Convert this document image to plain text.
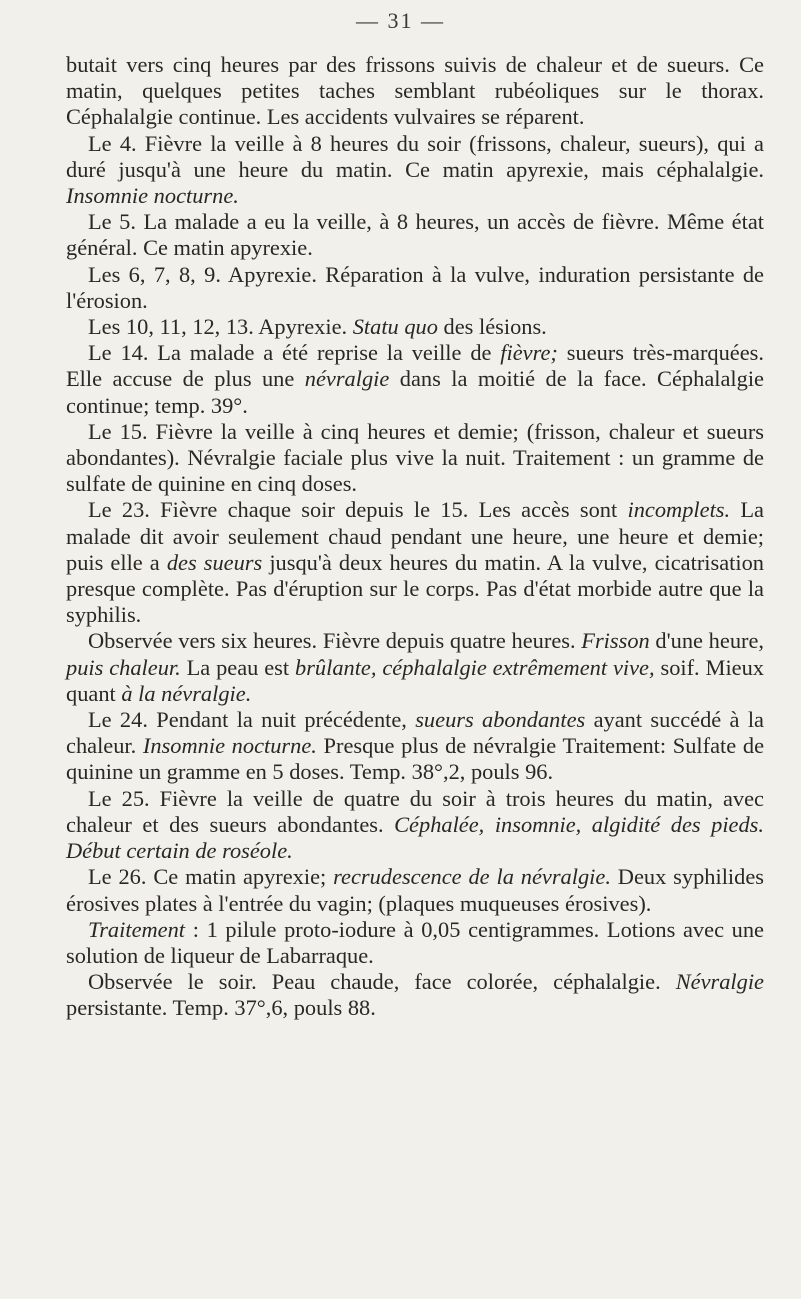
— 31 —

butait vers cinq heures par des frissons suivis de chaleur et de sueurs. Ce matin, quelques petites taches semblant rubéoliques sur le thorax. Céphalalgie continue. Les accidents vulvaires se réparent.

Le 4. Fièvre la veille à 8 heures du soir (frissons, chaleur, sueurs), qui a duré jusqu'à une heure du matin. Ce matin apyrexie, mais céphalalgie. Insomnie nocturne.

Le 5. La malade a eu la veille, à 8 heures, un accès de fièvre. Même état général. Ce matin apyrexie.

Les 6, 7, 8, 9. Apyrexie. Réparation à la vulve, induration persistante de l'érosion.

Les 10, 11, 12, 13. Apyrexie. Statu quo des lésions.

Le 14. La malade a été reprise la veille de fièvre; sueurs très-marquées. Elle accuse de plus une névralgie dans la moitié de la face. Céphalalgie continue; temp. 39°.

Le 15. Fièvre la veille à cinq heures et demie; (frisson, chaleur et sueurs abondantes). Névralgie faciale plus vive la nuit. Traitement : un gramme de sulfate de quinine en cinq doses.

Le 23. Fièvre chaque soir depuis le 15. Les accès sont incomplets. La malade dit avoir seulement chaud pendant une heure, une heure et demie; puis elle a des sueurs jusqu'à deux heures du matin. A la vulve, cicatrisation presque complète. Pas d'éruption sur le corps. Pas d'état morbide autre que la syphilis.

Observée vers six heures. Fièvre depuis quatre heures. Frisson d'une heure, puis chaleur. La peau est brûlante, céphalalgie extrêmement vive, soif. Mieux quant à la névralgie.

Le 24. Pendant la nuit précédente, sueurs abondantes ayant succédé à la chaleur. Insomnie nocturne. Presque plus de névralgie Traitement: Sulfate de quinine un gramme en 5 doses. Temp. 38°,2, pouls 96.

Le 25. Fièvre la veille de quatre du soir à trois heures du matin, avec chaleur et des sueurs abondantes. Céphalée, insomnie, algidité des pieds. Début certain de roséole.

Le 26. Ce matin apyrexie; recrudescence de la névralgie. Deux syphilides érosives plates à l'entrée du vagin; (plaques muqueuses érosives).

Traitement : 1 pilule proto-iodure à 0,05 centigrammes. Lotions avec une solution de liqueur de Labarraque.

Observée le soir. Peau chaude, face colorée, céphalalgie. Névralgie persistante. Temp. 37°,6, pouls 88.
